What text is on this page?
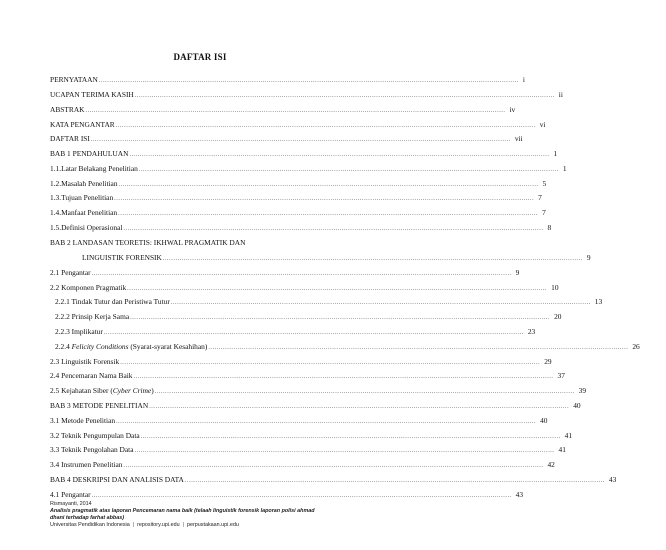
DAFTAR ISI
PERNYATAAN ........................................................................................................................................................................................................ i
UCAPAN TERIMA KASIH ........................................................................................................................................................................................................ ii
ABSTRAK ........................................................................................................................................................................................................ iv
KATA PENGANTAR ........................................................................................................................................................................................................ vi
DAFTAR ISI ........................................................................................................................................................................................................ vii
BAB 1 PENDAHULUAN ........................................................................................................................................................................................................ 1
1.1.Latar Belakang Penelitian ........................................................................................................................................................................................................ 1
1.2.Masalah Penelitian ........................................................................................................................................................................................................ 5
1.3.Tujuan Penelitian ........................................................................................................................................................................................................ 7
1.4.Manfaat Penelitian ........................................................................................................................................................................................................ 7
1.5.Definisi Operasional ........................................................................................................................................................................................................ 8
BAB 2 LANDASAN TEORETIS: IKHWAL PRAGMATIK DAN
LINGUISTIK FORENSIK ........................................................................................................................................................................................................ 9
2.1 Pengantar ........................................................................................................................................................................................................ 9
2.2 Komponen Pragmatik ........................................................................................................................................................................................................ 10
2.2.1 Tindak Tutur dan Peristiwa Tutur ........................................................................................................................................................................................................ 13
2.2.2 Prinsip Kerja Sama ........................................................................................................................................................................................................ 20
2.2.3 Implikatur ........................................................................................................................................................................................................ 23
2.2.4 Felicity Conditions (Syarat-syarat Kesahihan) ........................................................................................................................................................................................................ 26
2.3 Linguistik Forensik ........................................................................................................................................................................................................ 29
2.4 Pencemaran Nama Baik ........................................................................................................................................................................................................ 37
2.5 Kejahatan Siber (Cyber Crime) ........................................................................................................................................................................................................ 39
BAB 3 METODE PENELITIAN ........................................................................................................................................................................................................ 40
3.1 Metode Penelitian ........................................................................................................................................................................................................ 40
3.2 Teknik Pengumpulan Data ........................................................................................................................................................................................................ 41
3.3 Teknik Pengolahan Data ........................................................................................................................................................................................................ 41
3.4 Instrumen Penelitian ........................................................................................................................................................................................................ 42
BAB 4 DESKRIPSI DAN ANALISIS DATA ........................................................................................................................................................................................................ 43
4.1 Pengantar ........................................................................................................................................................................................................ 43
Rismayanti, 2014
Analisis pragmatik atas laporan Pencemaran nama baik (telaah linguistik forensik laporan polisi ahmad
dhani terhadap farhat abbas)
Universitas Pendidikan Indonesia | repository.upi.edu | perpustakaan.upi.edu
